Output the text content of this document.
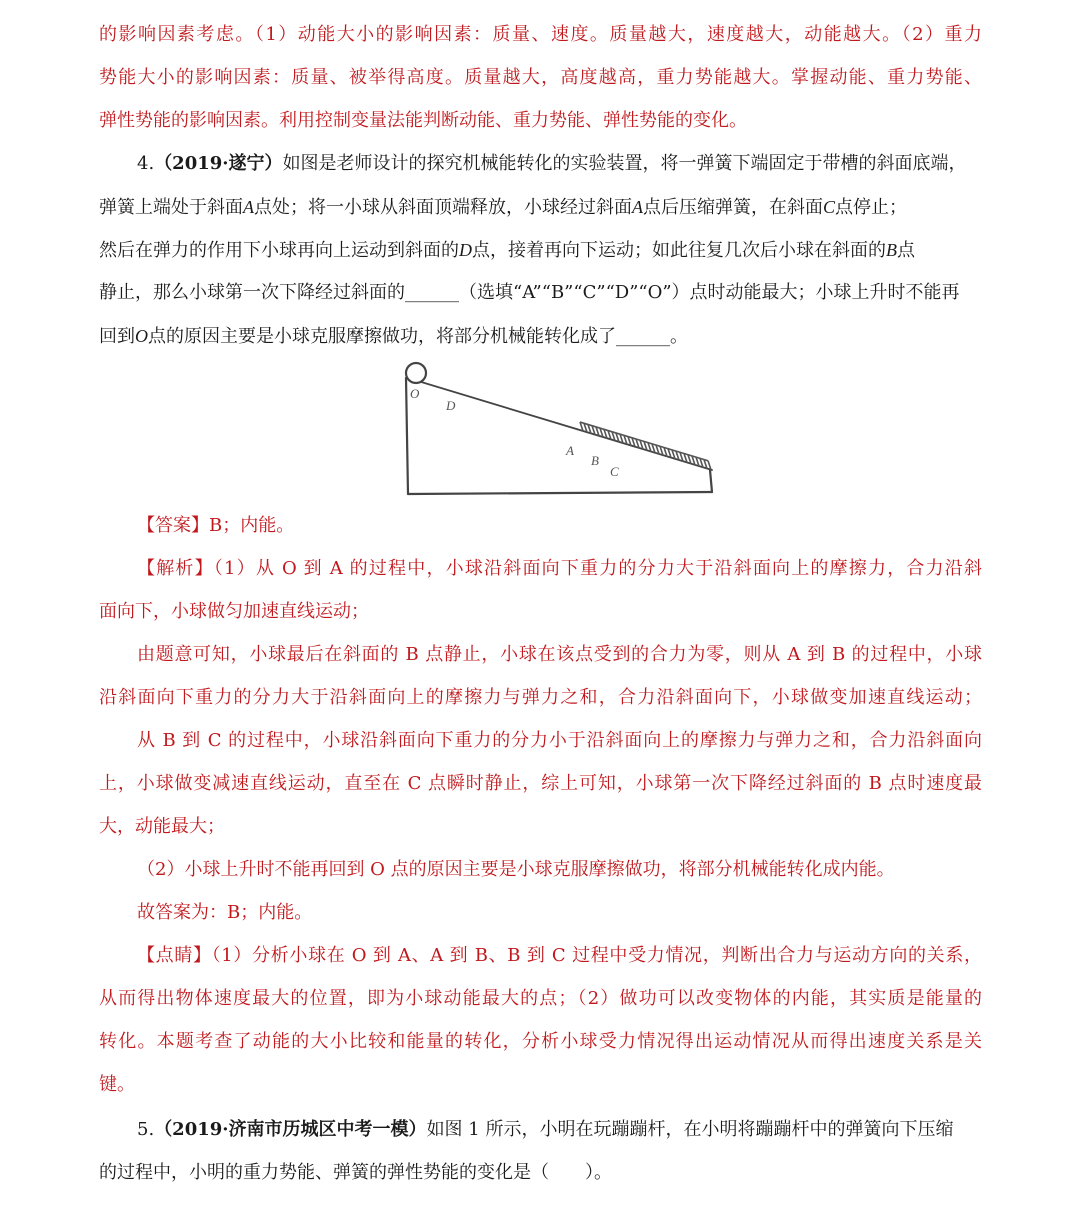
的影响因素考虑。（1）动能大小的影响因素：质量、速度。质量越大，速度越大，动能越大。（2）重力
势能大小的影响因素：质量、被举得高度。质量越大，高度越高，重力势能越大。掌握动能、重力势能、
弹性势能的影响因素。利用控制变量法能判断动能、重力势能、弹性势能的变化。
4.（2019·遂宁）如图是老师设计的探究机械能转化的实验装置，将一弹簧下端固定于带槽的斜面底端，
弹簧上端处于斜面A点处；将一小球从斜面顶端释放，小球经过斜面A点后压缩弹簧，在斜面C点停止；
然后在弹力的作用下小球再向上运动到斜面的D点，接着再向下运动；如此往复几次后小球在斜面的B点
静止，那么小球第一次下降经过斜面的______（选填“A”“B”“C”“D”“O”）点时动能最大；小球上升时不能再
回到O点的原因主要是小球克服摩擦做功，将部分机械能转化成了______。
O
D
A
B
C
【答案】B；内能。
【解析】（1）从 O 到 A 的过程中，小球沿斜面向下重力的分力大于沿斜面向上的摩擦力，合力沿斜
面向下，小球做匀加速直线运动；
由题意可知，小球最后在斜面的 B 点静止，小球在该点受到的合力为零，则从 A 到 B 的过程中，小球
沿斜面向下重力的分力大于沿斜面向上的摩擦力与弹力之和，合力沿斜面向下，小球做变加速直线运动；
从 B 到 C 的过程中，小球沿斜面向下重力的分力小于沿斜面向上的摩擦力与弹力之和，合力沿斜面向
上，小球做变减速直线运动，直至在 C 点瞬时静止，综上可知，小球第一次下降经过斜面的 B 点时速度最
大，动能最大；
（2）小球上升时不能再回到 O 点的原因主要是小球克服摩擦做功，将部分机械能转化成内能。
故答案为：B；内能。
【点睛】（1）分析小球在 O 到 A、A 到 B、B 到 C 过程中受力情况，判断出合力与运动方向的关系，
从而得出物体速度最大的位置，即为小球动能最大的点；（2）做功可以改变物体的内能，其实质是能量的
转化。本题考查了动能的大小比较和能量的转化，分析小球受力情况得出运动情况从而得出速度关系是关
键。
5.（2019·济南市历城区中考一模）如图 1 所示，小明在玩蹦蹦杆，在小明将蹦蹦杆中的弹簧向下压缩
的过程中，小明的重力势能、弹簧的弹性势能的变化是（　　）。
